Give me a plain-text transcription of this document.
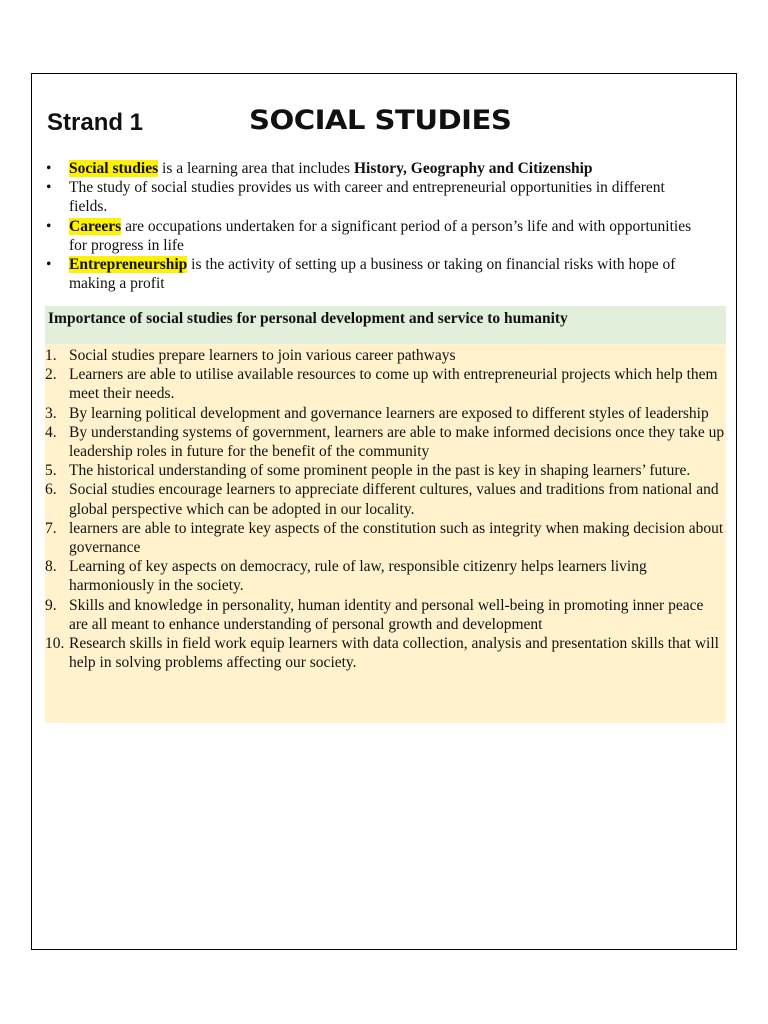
Strand 1	SOCIAL STUDIES
• Social studies is a learning area that includes History, Geography and Citizenship
• The study of social studies provides us with career and entrepreneurial opportunities in different fields.
• Careers are occupations undertaken for a significant period of a person’s life and with opportunities for progress in life
• Entrepreneurship is the activity of setting up a business or taking on financial risks with hope of making a profit
Importance of social studies for personal development and service to humanity
1. Social studies prepare learners to join various career pathways
2. Learners are able to utilise available resources to come up with entrepreneurial projects which help them meet their needs.
3. By learning political development and governance learners are exposed to different styles of leadership
4. By understanding systems of government, learners are able to make informed decisions once they take up leadership roles in future for the benefit of the community
5. The historical understanding of some prominent people in the past is key in shaping learners’ future.
6. Social studies encourage learners to appreciate different cultures, values and traditions from national and global perspective which can be adopted in our locality.
7. learners are able to integrate key aspects of the constitution such as integrity when making decision about governance
8. Learning of key aspects on democracy, rule of law, responsible citizenry helps learners living harmoniously in the society.
9. Skills and knowledge in personality, human identity and personal well-being in promoting inner peace are all meant to enhance understanding of personal growth and development
10. Research skills in field work equip learners with data collection, analysis and presentation skills that will help in solving problems affecting our society.
